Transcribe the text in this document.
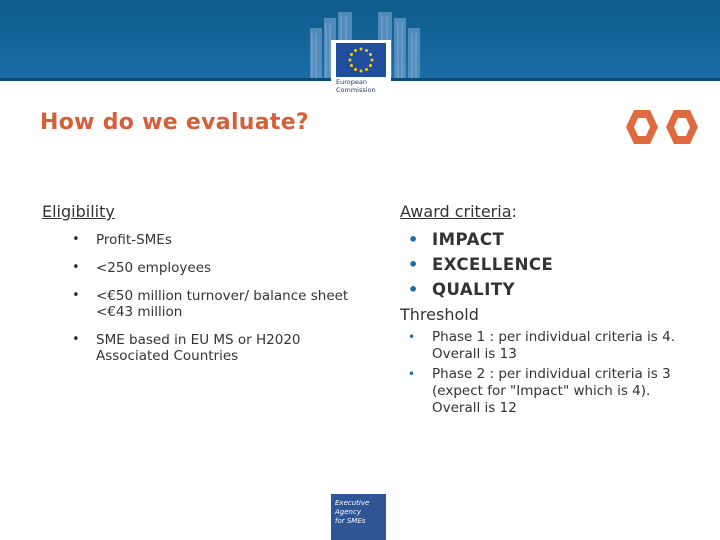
European
Commission
How do we evaluate?
Eligibility
• Profit-SMEs
• <250 employees
• <€50 million turnover/ balance sheet <€43 million
• SME based in EU MS or H2020 Associated Countries
Award criteria:
• IMPACT
• EXCELLENCE
• QUALITY
Threshold
• Phase 1 : per individual criteria is 4. Overall is 13
• Phase 2 : per individual criteria is 3 (expect for "Impact" which is 4). Overall is 12
Executive
Agency
for SMEs
